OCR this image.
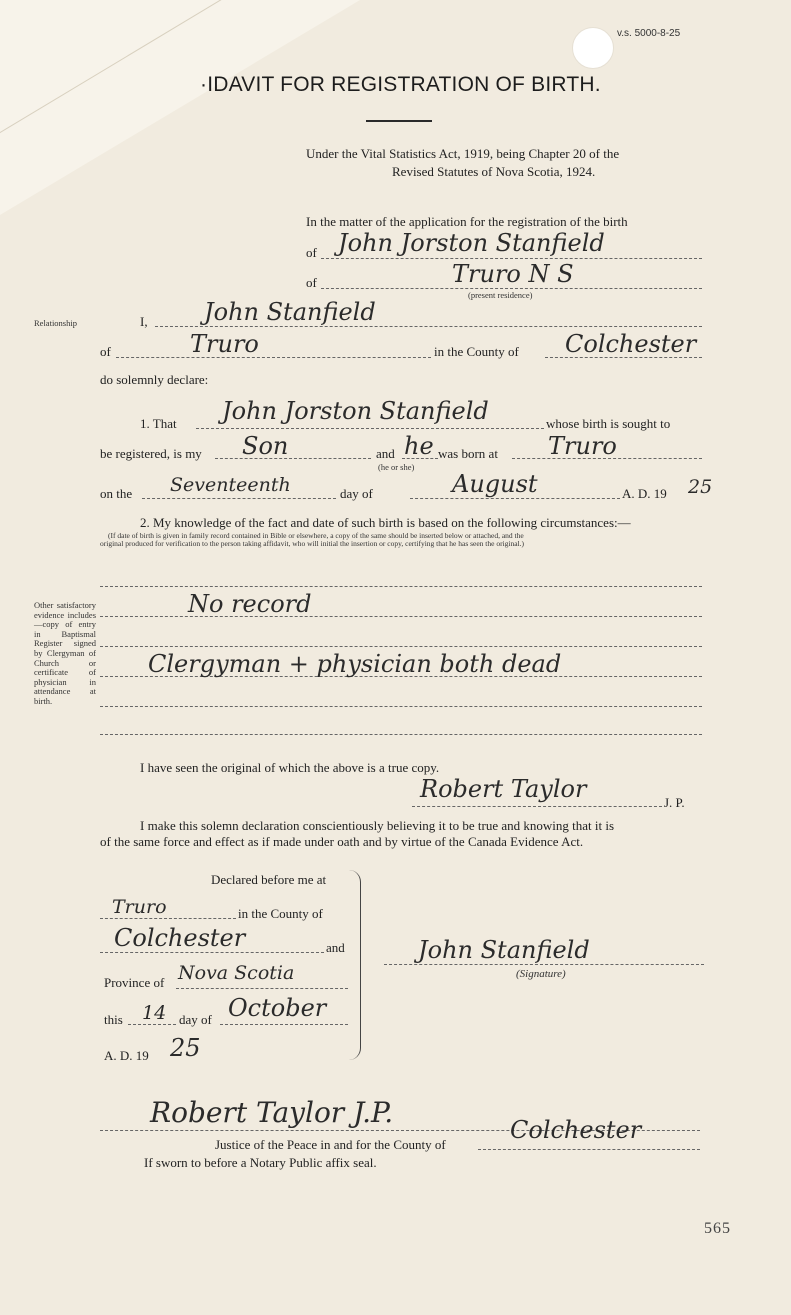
v.s. 5000-8-25
·IDAVIT FOR REGISTRATION OF BIRTH.
Under the Vital Statistics Act, 1919, being Chapter 20 of the
Revised Statutes of Nova Scotia, 1924.
In the matter of the application for the registration of the birth
of John Jorston Stanfield
of	Truro N S
(present residence)
Relationship	I, John Stanfield
of	Truro	in the County of Colchester
do solemnly declare:
1. That John Jorston Stanfield	whose birth is sought to
be registered, is my Son	and he
(he or she)
was born at Truro
on the Seventeenth	day of	August	A. D. 19 25
2. My knowledge of the fact and date of such birth is based on the following circumstances:—
(If date of birth is given in family record contained in Bible or elsewhere, a copy of the same should be inserted below or attached, and the
original produced for verification to the person taking affidavit, who will initial the insertion or copy, certifying that he has seen the original.)
No record
Clergyman + physician both dead
Other satisfactory evidence includes —copy of entry in Baptismal Register signed by Clergyman of Church or certificate of physician in attendance at birth.
I have seen the original of which the above is a true copy.
Robert Taylor	J. P.
I make this solemn declaration conscientiously believing it to be true and knowing that it is
of the same force and effect as if made under oath and by virtue of the Canada Evidence Act.
Declared before me at
Truro	in the County of
Colchester	and
Province of Nova Scotia
this 14 day of October
A. D. 19 25
John Stanfield
(Signature)
Robert Taylor J.P.
Justice of the Peace in and for the County of
Colchester
If sworn to before a Notary Public affix seal.
565
